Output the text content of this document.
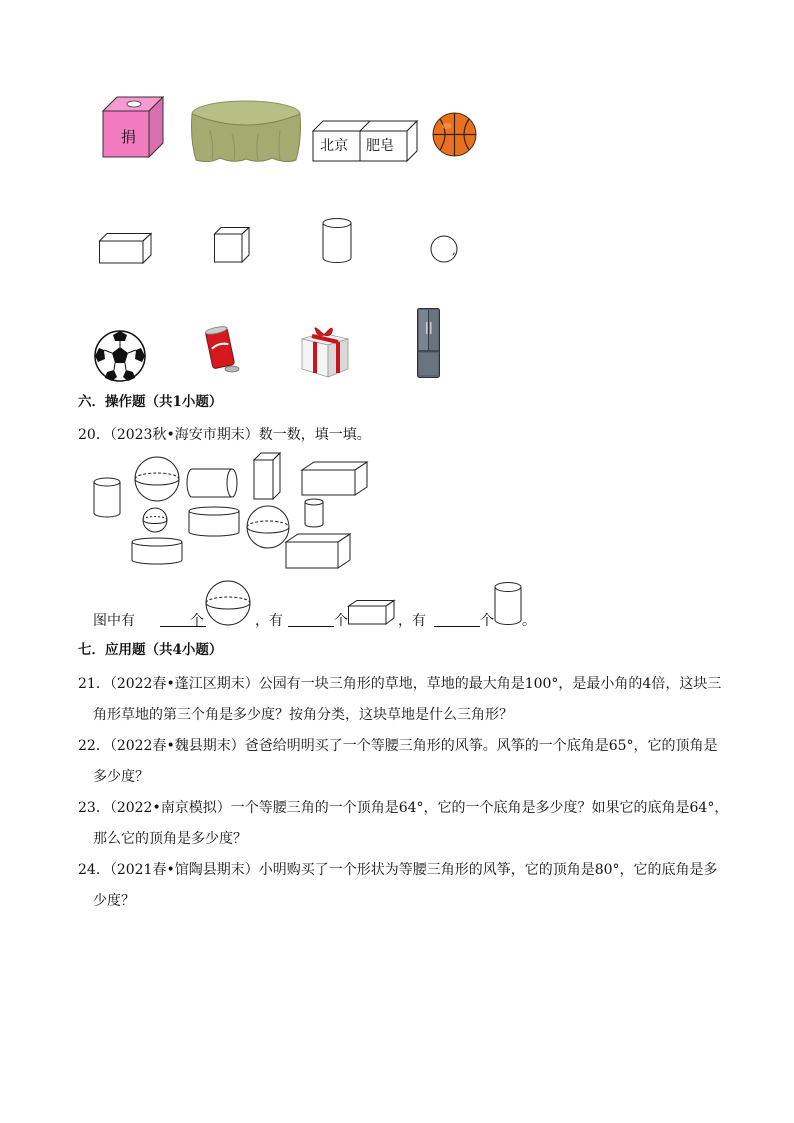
捐	北京 肥皂
,
六．操作题（共1小题）
20．（2023秋•海安市期末）数一数，填一填。
图中有	个	，有	个	，有	个 。
七．应用题（共4小题）
21．（2022春•蓬江区期末）公园有一块三角形的草地，草地的最大角是100°，是最小角的4倍，这块三
角形草地的第三个角是多少度？按角分类，这块草地是什么三角形？
22．（2022春•魏县期末）爸爸给明明买了一个等腰三角形的风筝。风筝的一个底角是65°，它的顶角是
多少度？
23．（2022•南京模拟）一个等腰三角的一个顶角是64°，它的一个底角是多少度？如果它的底角是64°，
那么它的顶角是多少度？
24．（2021春•馆陶县期末）小明购买了一个形状为等腰三角形的风筝，它的顶角是80°，它的底角是多
少度？
